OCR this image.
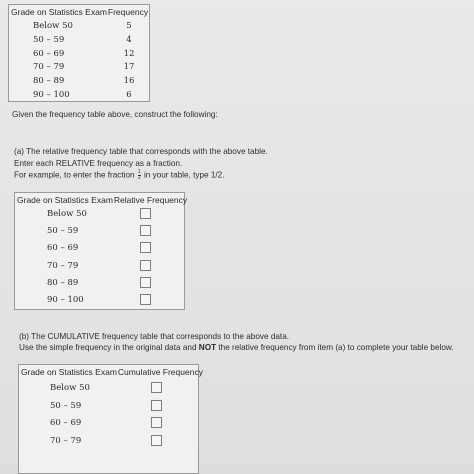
Grade on Statistics Exam Frequency
Below 50	5
50 – 59	4
60 – 69	12
70 – 79	17
80 – 89	16
90 – 100	6
Given the frequency table above, construct the following:
(a) The relative frequency table that corresponds with the above table.
Enter each RELATIVE frequency as a fraction.
For example, to enter the fraction $\frac{1}{2}$ in your table, type 1/2.
Grade on Statistics Exam Relative Frequency
Below 50
50 – 59
60 – 69
70 – 79
80 – 89
90 – 100
(b) The CUMULATIVE frequency table that corresponds to the above data.
Use the simple frequency in the original data and NOT the relative frequency from item (a) to complete your table below.
Grade on Statistics Exam Cumulative Frequency
Below 50
50 – 59
60 – 69
70 – 79
